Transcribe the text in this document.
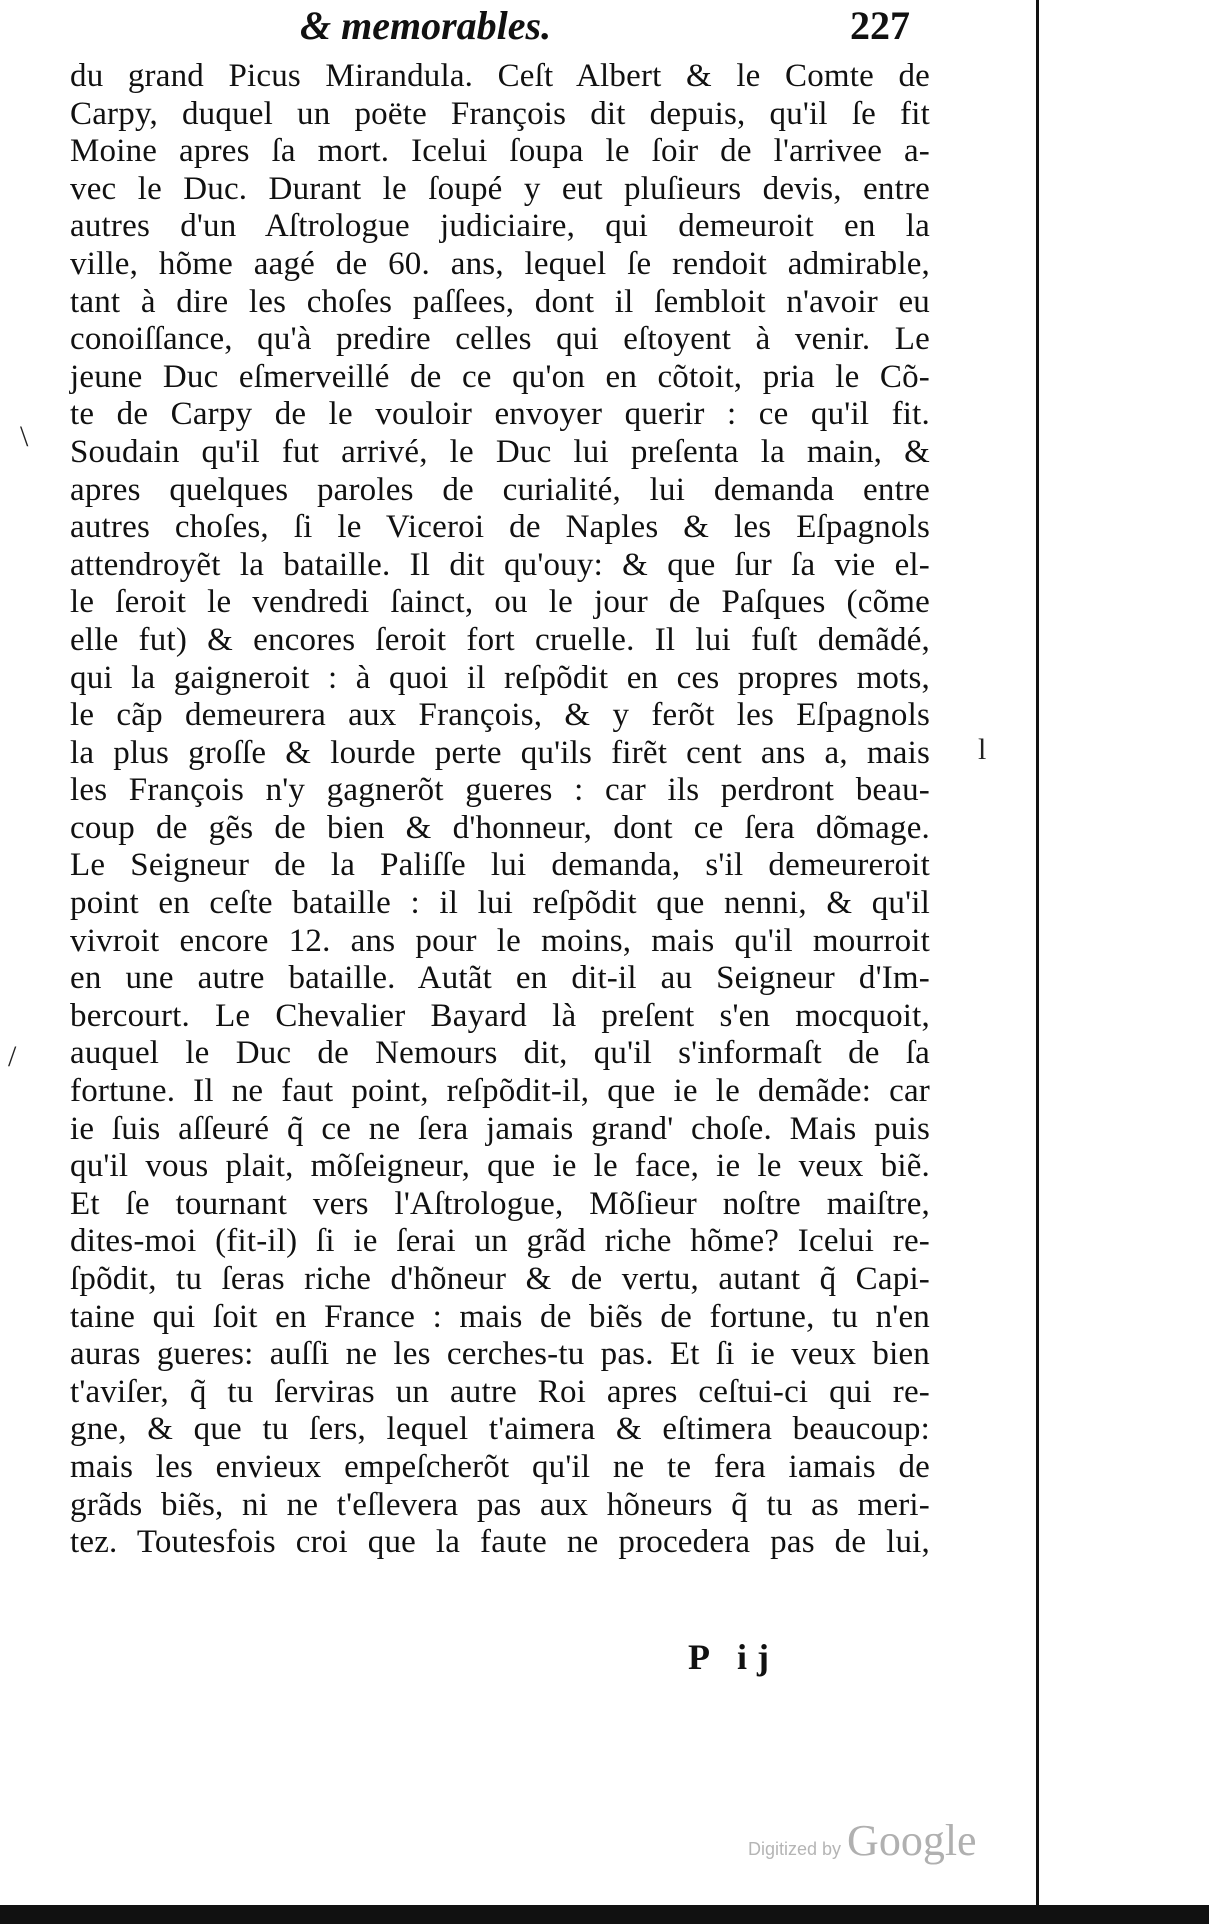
& memorables.	227
du grand Picus Mirandula. Ceſt Albert & le Comte de
Carpy, duquel un poëte François dit depuis, qu'il ſe fit
Moine apres ſa mort. Icelui ſoupa le ſoir de l'arrivee a-
vec le Duc. Durant le ſoupé y eut pluſieurs devis, entre
autres d'un Aſtrologue judiciaire, qui demeuroit en la
ville, hõme aagé de 60. ans, lequel ſe rendoit admirable,
tant à dire les choſes paſſees, dont il ſembloit n'avoir eu
conoiſſance, qu'à predire celles qui eſtoyent à venir. Le
jeune Duc eſmerveillé de ce qu'on en cõtoit, pria le Cõ-
te de Carpy de le vouloir envoyer querir : ce qu'il fit.
Soudain qu'il fut arrivé, le Duc lui preſenta la main, &
apres quelques paroles de curialité, lui demanda entre
autres choſes, ſi le Viceroi de Naples & les Eſpagnols
attendroyẽt la bataille. Il dit qu'ouy: & que ſur ſa vie el-
le ſeroit le vendredi ſainct, ou le jour de Paſques (cõme
elle fut) & encores ſeroit fort cruelle. Il lui fuſt demãdé,
qui la gaigneroit : à quoi il reſpõdit en ces propres mots,
le cãp demeurera aux François, & y ferõt les Eſpagnols
la plus groſſe & lourde perte qu'ils firẽt cent ans a, mais
les François n'y gagnerõt gueres : car ils perdront beau-
coup de gẽs de bien & d'honneur, dont ce ſera dõmage.
Le Seigneur de la Paliſſe lui demanda, s'il demeureroit
point en ceſte bataille : il lui reſpõdit que nenni, & qu'il
vivroit encore 12. ans pour le moins, mais qu'il mourroit
en une autre bataille. Autãt en dit-il au Seigneur d'Im-
bercourt. Le Chevalier Bayard là preſent s'en mocquoit,
auquel le Duc de Nemours dit, qu'il s'informaſt de ſa
fortune. Il ne faut point, reſpõdit-il, que ie le demãde: car
ie ſuis aſſeuré q̃ ce ne ſera jamais grand' choſe. Mais puis
qu'il vous plait, mõſeigneur, que ie le face, ie le veux biẽ.
Et ſe tournant vers l'Aſtrologue, Mõſieur noſtre maiſtre,
dites-moi (fit-il) ſi ie ſerai un grãd riche hõme? Icelui re-
ſpõdit, tu ſeras riche d'hõneur & de vertu, autant q̃ Capi-
taine qui ſoit en France : mais de biẽs de fortune, tu n'en
auras gueres: auſſi ne les cerches-tu pas. Et ſi ie veux bien
t'aviſer, q̃ tu ſerviras un autre Roi apres ceſtui-ci qui re-
gne, & que tu ſers, lequel t'aimera & eſtimera beaucoup:
mais les envieux empeſcherõt qu'il ne te fera iamais de
grãds biẽs, ni ne t'eſlevera pas aux hõneurs q̃ tu as meri-
tez. Toutesfois croi que la faute ne procedera pas de lui,
\
l
/
P ij
Digitized by Google
